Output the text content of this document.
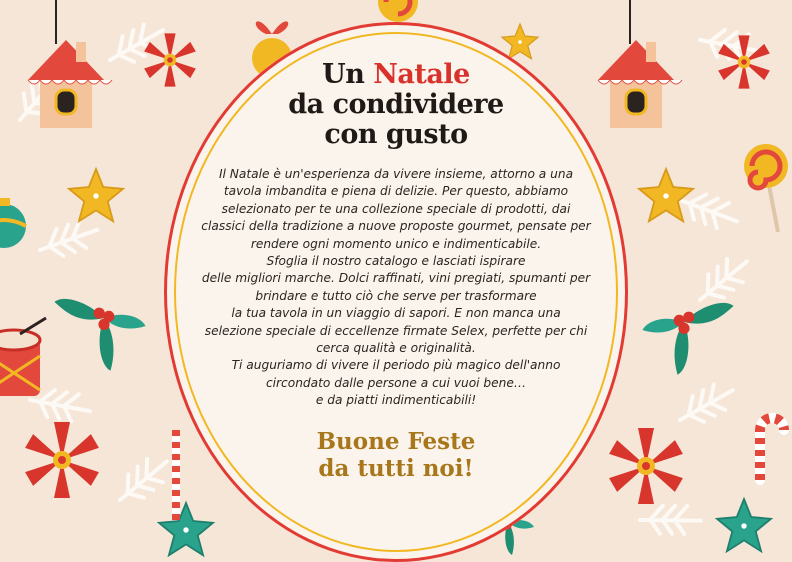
Un Natale
da condividere
con gusto
Il Natale è un'esperienza da vivere insieme, attorno a una
tavola imbandita e piena di delizie. Per questo, abbiamo
selezionato per te una collezione speciale di prodotti, dai
classici della tradizione a nuove proposte gourmet, pensate per
rendere ogni momento unico e indimenticabile.
Sfoglia il nostro catalogo e lasciati ispirare
delle migliori marche. Dolci raffinati, vini pregiati, spumanti per
brindare e tutto ciò che serve per trasformare
la tua tavola in un viaggio di sapori. E non manca una
selezione speciale di eccellenze firmate Selex, perfette per chi
cerca qualità e originalità.
Ti auguriamo di vivere il periodo più magico dell'anno
circondato dalle persone a cui vuoi bene…
e da piatti indimenticabili!
Buone Feste
da tutti noi!
